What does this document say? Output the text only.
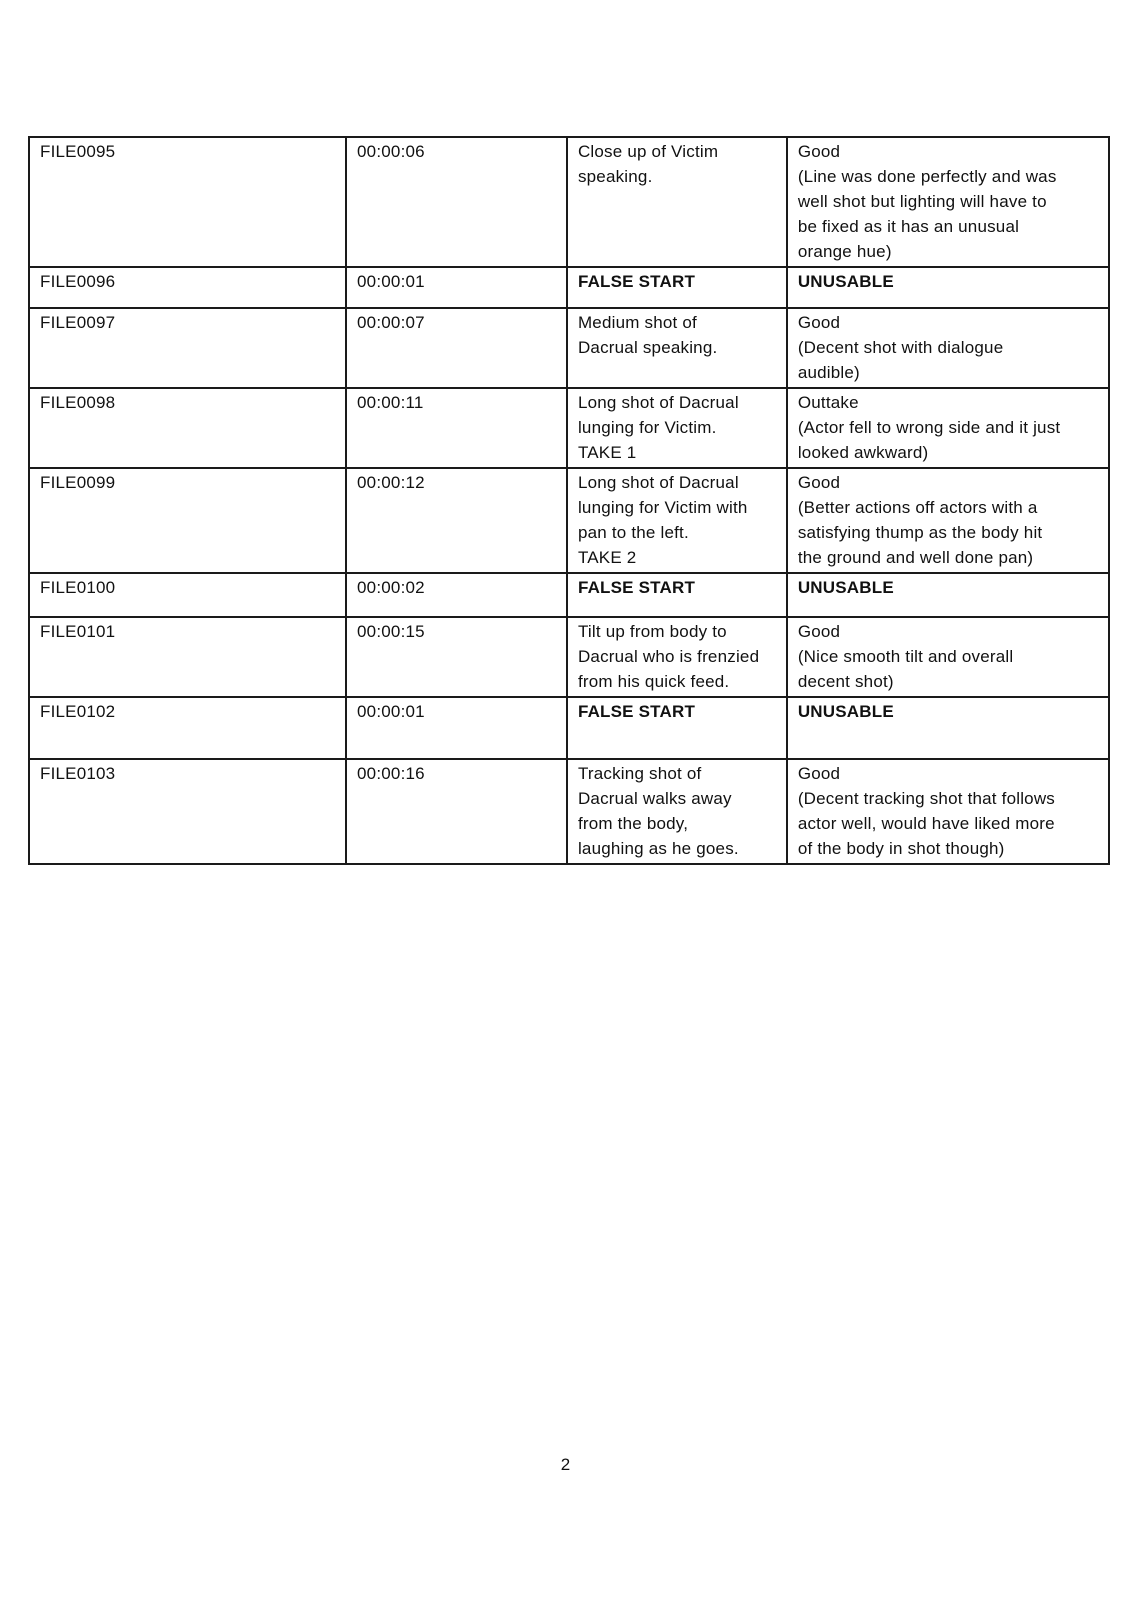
FILE0095	00:00:06	Close up of Victim
speaking.	Good
(Line was done perfectly and was
well shot but lighting will have to
be fixed as it has an unusual
orange hue)

FILE0096	00:00:01	FALSE START	UNUSABLE

FILE0097	00:00:07	Medium shot of
Dacrual speaking.	Good
(Decent shot with dialogue
audible)

FILE0098	00:00:11	Long shot of Dacrual
lunging for Victim.
TAKE 1	Outtake
(Actor fell to wrong side and it just
looked awkward)

FILE0099	00:00:12	Long shot of Dacrual
lunging for Victim with
pan to the left.
TAKE 2	Good
(Better actions off actors with a
satisfying thump as the body hit
the ground and well done pan)

FILE0100	00:00:02	FALSE START	UNUSABLE

FILE0101	00:00:15	Tilt up from body to
Dacrual who is frenzied
from his quick feed.	Good
(Nice smooth tilt and overall
decent shot)

FILE0102	00:00:01	FALSE START	UNUSABLE

FILE0103	00:00:16	Tracking shot of
Dacrual walks away
from the body,
laughing as he goes.	Good
(Decent tracking shot that follows
actor well, would have liked more
of the body in shot though)
2
